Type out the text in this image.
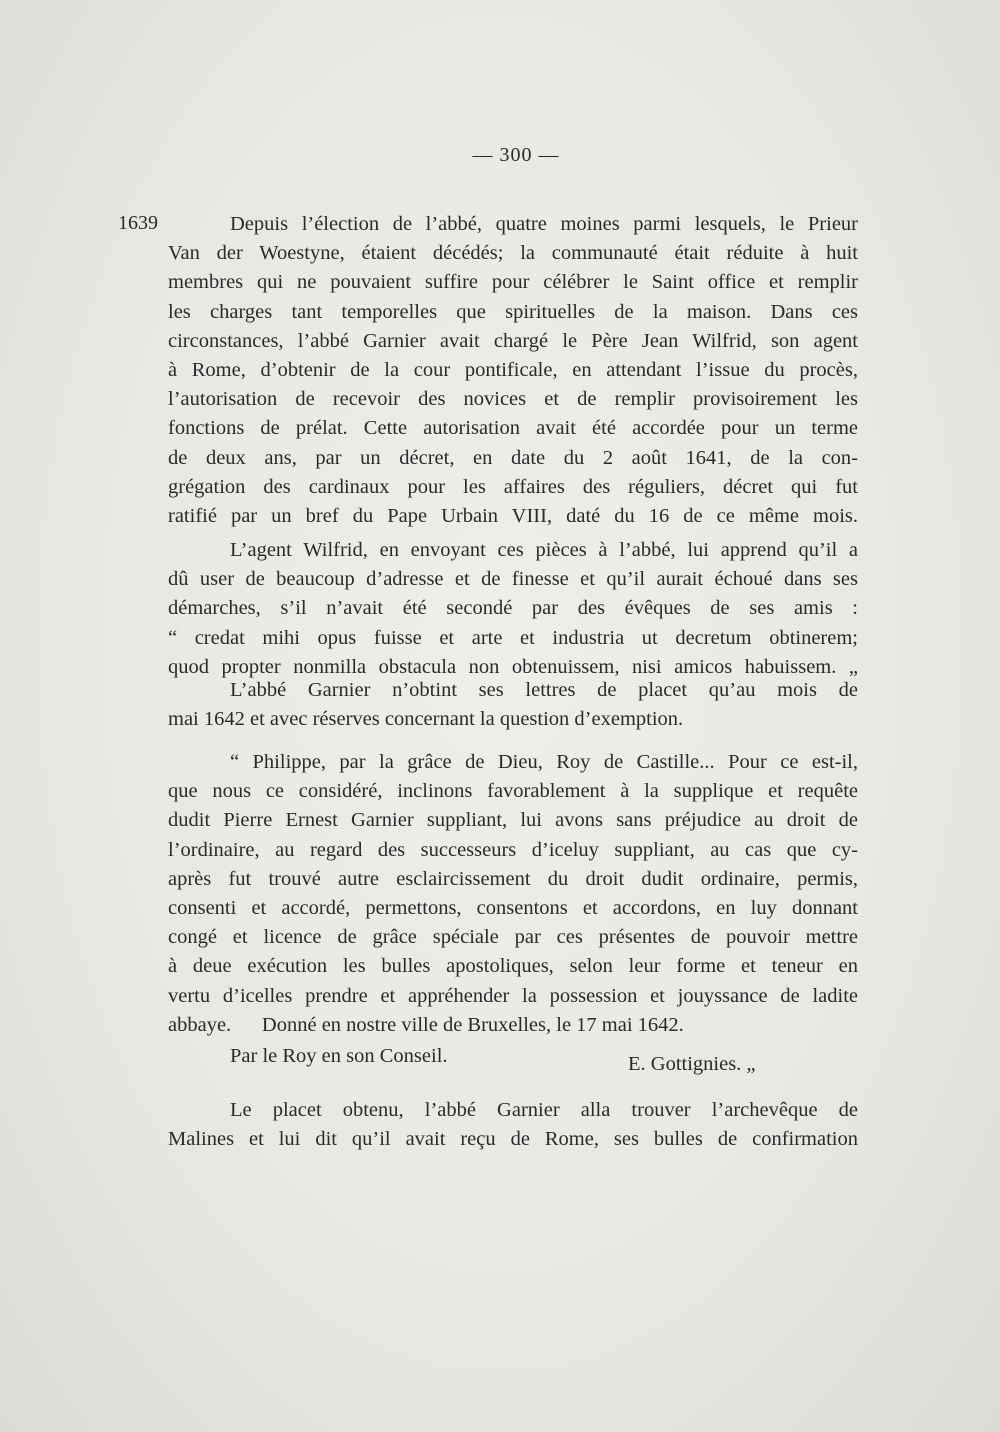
— 300 —
1639	Depuis l’élection de l’abbé, quatre moines parmi lesquels, le Prieur
Van der Woestyne, étaient décédés; la communauté était réduite à huit
membres qui ne pouvaient suffire pour célébrer le Saint office et remplir
les charges tant temporelles que spirituelles de la maison. Dans ces
circonstances, l’abbé Garnier avait chargé le Père Jean Wilfrid, son agent
à Rome, d’obtenir de la cour pontificale, en attendant l’issue du procès,
l’autorisation de recevoir des novices et de remplir provisoirement les
fonctions de prélat. Cette autorisation avait été accordée pour un terme
de deux ans, par un décret, en date du 2 août 1641, de la con-
grégation des cardinaux pour les affaires des réguliers, décret qui fut
ratifié par un bref du Pape Urbain VIII, daté du 16 de ce même mois.
L’agent Wilfrid, en envoyant ces pièces à l’abbé, lui apprend qu’il a
dû user de beaucoup d’adresse et de finesse et qu’il aurait échoué dans ses
démarches, s’il n’avait été secondé par des évêques de ses amis :
“ credat mihi opus fuisse et arte et industria ut decretum obtinerem;
quod propter nonmilla obstacula non obtenuissem, nisi amicos habuissem. „
L’abbé Garnier n’obtint ses lettres de placet qu’au mois de
mai 1642 et avec réserves concernant la question d’exemption.
“ Philippe, par la grâce de Dieu, Roy de Castille... Pour ce est-il,
que nous ce considéré, inclinons favorablement à la supplique et requête
dudit Pierre Ernest Garnier suppliant, lui avons sans préjudice au droit de
l’ordinaire, au regard des successeurs d’iceluy suppliant, au cas que cy-
après fut trouvé autre esclaircissement du droit dudit ordinaire, permis,
consenti et accordé, permettons, consentons et accordons, en luy donnant
congé et licence de grâce spéciale par ces présentes de pouvoir mettre
à deue exécution les bulles apostoliques, selon leur forme et teneur en
vertu d’icelles prendre et appréhender la possession et jouyssance de ladite
abbaye.      Donné en nostre ville de Bruxelles, le 17 mai 1642.
Par le Roy en son Conseil.	E. Gottignies. „
Le placet obtenu, l’abbé Garnier alla trouver l’archevêque de
Malines et lui dit qu’il avait reçu de Rome, ses bulles de confirmation
